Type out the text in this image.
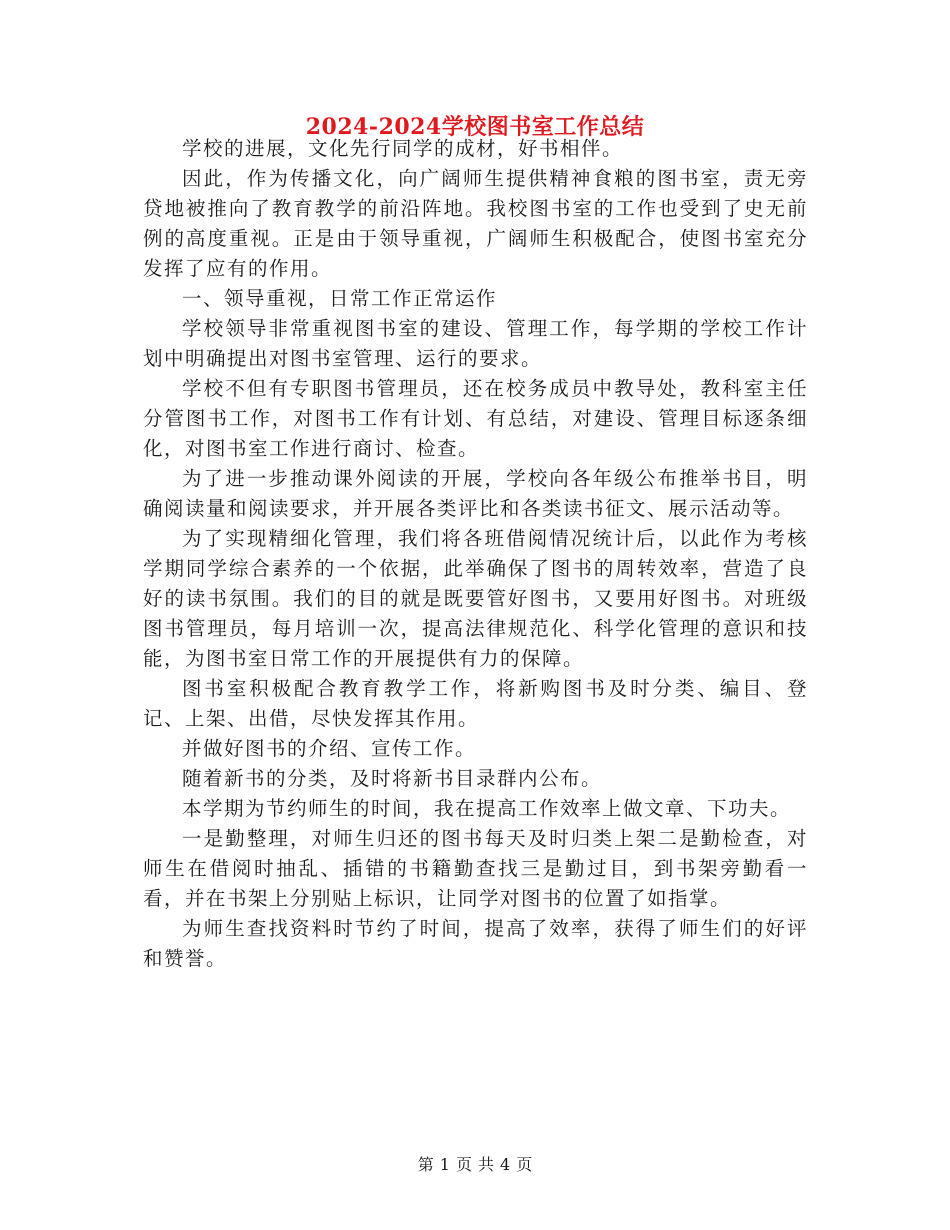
2024-2024学校图书室工作总结

学校的进展，文化先行同学的成材，好书相伴。

因此，作为传播文化，向广阔师生提供精神食粮的图书室，责无旁贷地被推向了教育教学的前沿阵地。我校图书室的工作也受到了史无前例的高度重视。正是由于领导重视，广阔师生积极配合，使图书室充分发挥了应有的作用。

一、领导重视，日常工作正常运作

学校领导非常重视图书室的建设、管理工作，每学期的学校工作计划中明确提出对图书室管理、运行的要求。

学校不但有专职图书管理员，还在校务成员中教导处，教科室主任分管图书工作，对图书工作有计划、有总结，对建设、管理目标逐条细化，对图书室工作进行商讨、检查。

为了进一步推动课外阅读的开展，学校向各年级公布推举书目，明确阅读量和阅读要求，并开展各类评比和各类读书征文、展示活动等。

为了实现精细化管理，我们将各班借阅情况统计后，以此作为考核学期同学综合素养的一个依据，此举确保了图书的周转效率，营造了良好的读书氛围。我们的目的就是既要管好图书，又要用好图书。对班级图书管理员，每月培训一次，提高法律规范化、科学化管理的意识和技能，为图书室日常工作的开展提供有力的保障。

图书室积极配合教育教学工作，将新购图书及时分类、编目、登记、上架、出借，尽快发挥其作用。

并做好图书的介绍、宣传工作。

随着新书的分类，及时将新书目录群内公布。

本学期为节约师生的时间，我在提高工作效率上做文章、下功夫。

一是勤整理，对师生归还的图书每天及时归类上架二是勤检查，对师生在借阅时抽乱、插错的书籍勤查找三是勤过目，到书架旁勤看一看，并在书架上分别贴上标识，让同学对图书的位置了如指掌。

为师生查找资料时节约了时间，提高了效率，获得了师生们的好评和赞誉。

第 1 页 共 4 页
